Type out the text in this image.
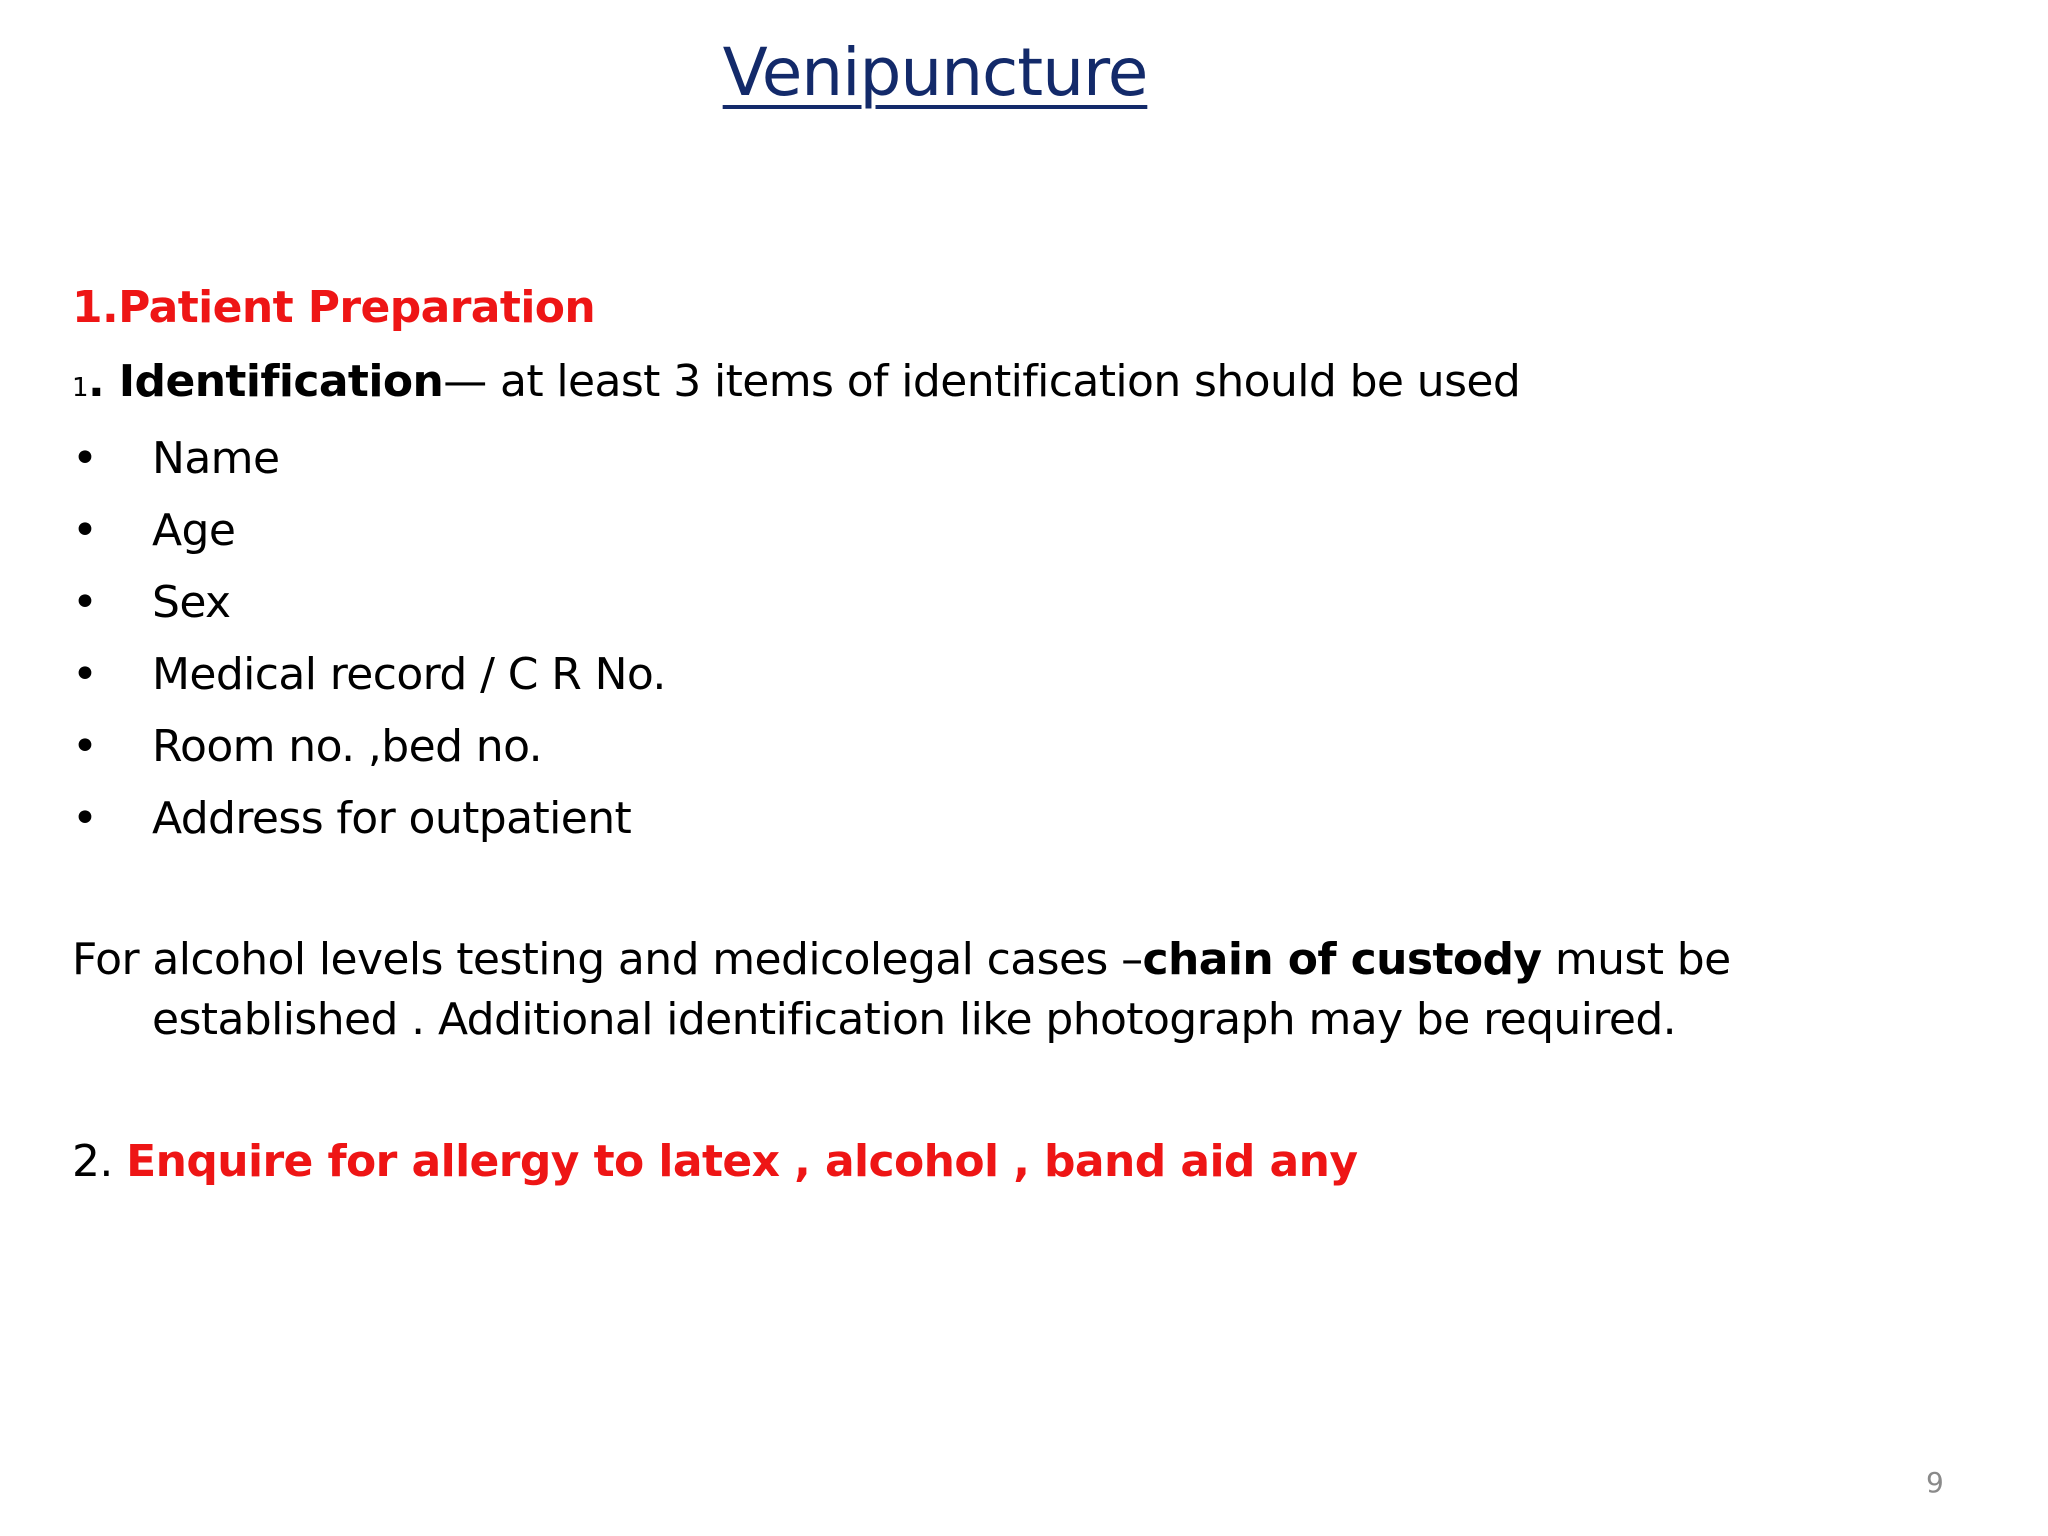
Venipuncture
1.Patient Preparation
1. Identification— at least 3 items of identification should be used
• Name
• Age
• Sex
• Medical record / C R No.
• Room no. ,bed no.
• Address for outpatient
For alcohol levels testing and medicolegal cases –chain of custody must be
established . Additional identification like photograph may be required.
2. Enquire for allergy to latex , alcohol , band aid any
9
